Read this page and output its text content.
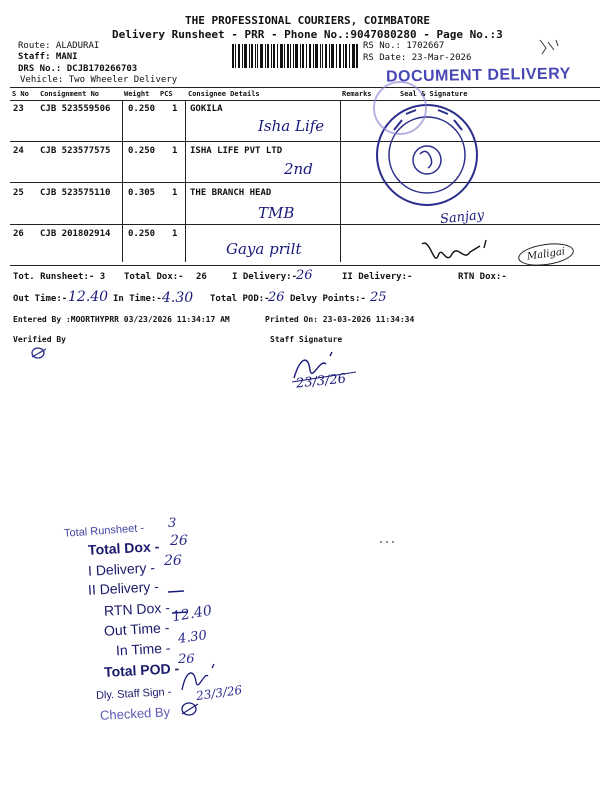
THE PROFESSIONAL COURIERS, COIMBATORE
Delivery Runsheet - PRR - Phone No.:9047080280 - Page No.:3
Route: ALADURAI
Staff: MANI
DRS No.: DCJB170266703
Vehicle: Two Wheeler Delivery
RS No.: 1702667
RS Date: 23-Mar-2026
DOCUMENT DELIVERY
S No Consignment No	Weight PCS Consignee Details	Remarks	Seal & Signature
23 CJB 523559506 0.250 1 GOKILA
Isha Life
24 CJB 523577575 0.250 1 ISHA LIFE PVT LTD
2nd
25 CJB 523575110 0.305 1 THE BRANCH HEAD
TMB
26 CJB 201802914 0.250 1
Gaya prilt
Sanjay
Tot. Runsheet:- 3 Total Dox:- 26	I Delivery:-
26	II Delivery:-	RTN Dox:-
Maligai
Out Time:- 12.40 In Time:- 4.30 Total POD:-
26 Delvy Points:- 25
Entered By :MOORTHYPRR 03/23/2026 11:34:17 AM	Printed On: 23-03-2026 11:34:34
Verified By	Staff Signature
23/3/26
Total Runsheet - 3
Total Dox - 26
I Delivery - 26
II Delivery -
RTN Dox -
Out Time -
12.40
In Time -
4.30
Total POD -
26
Dly. Staff Sign - 23/3/26
Checked By
